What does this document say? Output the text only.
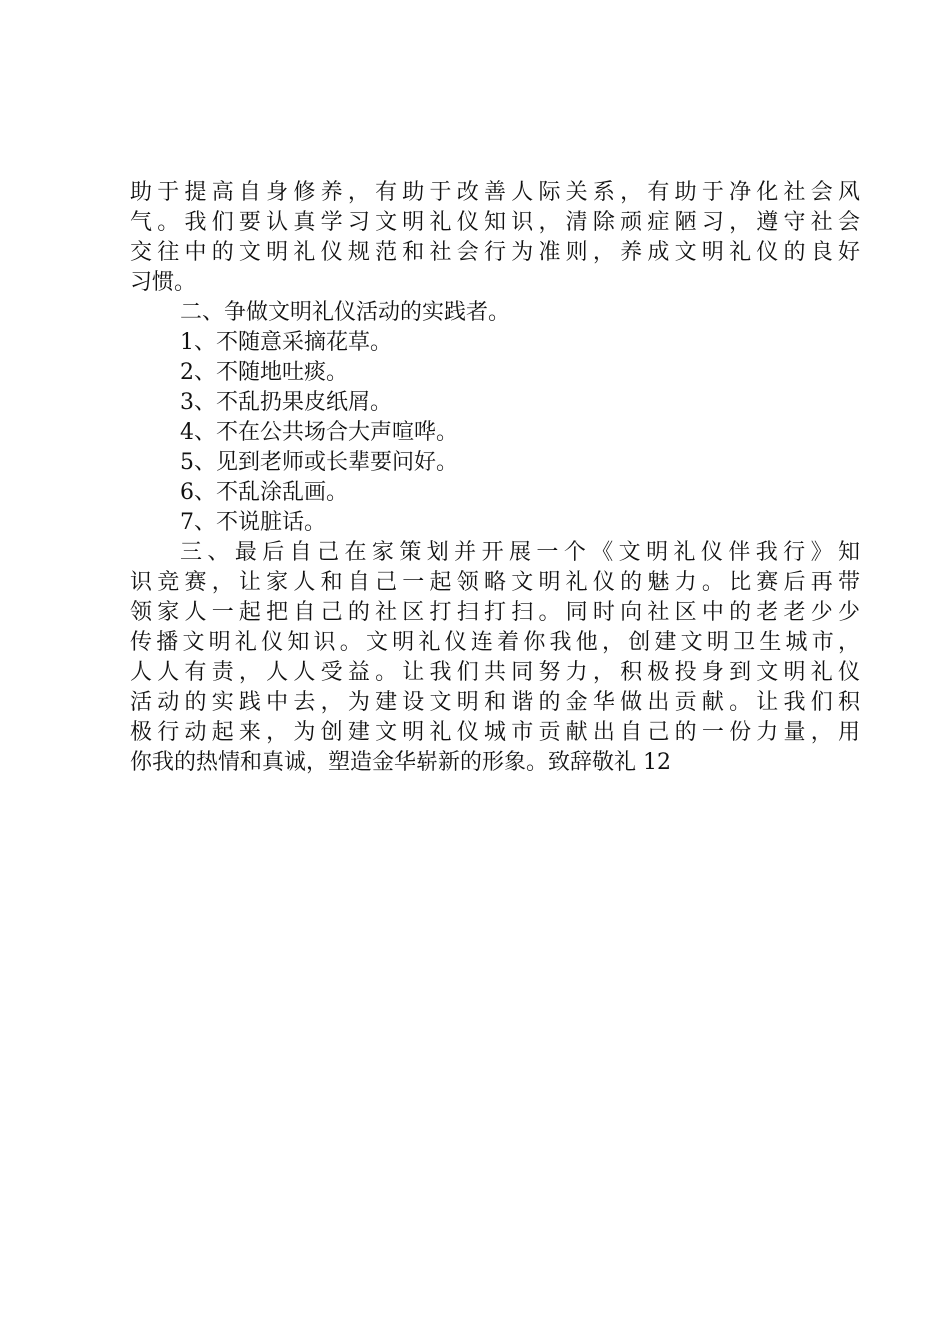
助于提高自身修养，有助于改善人际关系，有助于净化社会风
气。我们要认真学习文明礼仪知识，清除顽症陋习，遵守社会
交往中的文明礼仪规范和社会行为准则，养成文明礼仪的良好
习惯。
二、争做文明礼仪活动的实践者。
1、不随意采摘花草。
2、不随地吐痰。
3、不乱扔果皮纸屑。
4、不在公共场合大声喧哗。
5、见到老师或长辈要问好。
6、不乱涂乱画。
7、不说脏话。
三、最后自己在家策划并开展一个《文明礼仪伴我行》知
识竞赛，让家人和自己一起领略文明礼仪的魅力。比赛后再带
领家人一起把自己的社区打扫打扫。同时向社区中的老老少少
传播文明礼仪知识。文明礼仪连着你我他，创建文明卫生城市，
人人有责，人人受益。让我们共同努力，积极投身到文明礼仪
活动的实践中去，为建设文明和谐的金华做出贡献。让我们积
极行动起来，为创建文明礼仪城市贡献出自己的一份力量，用
你我的热情和真诚，塑造金华崭新的形象。致辞敬礼 12
